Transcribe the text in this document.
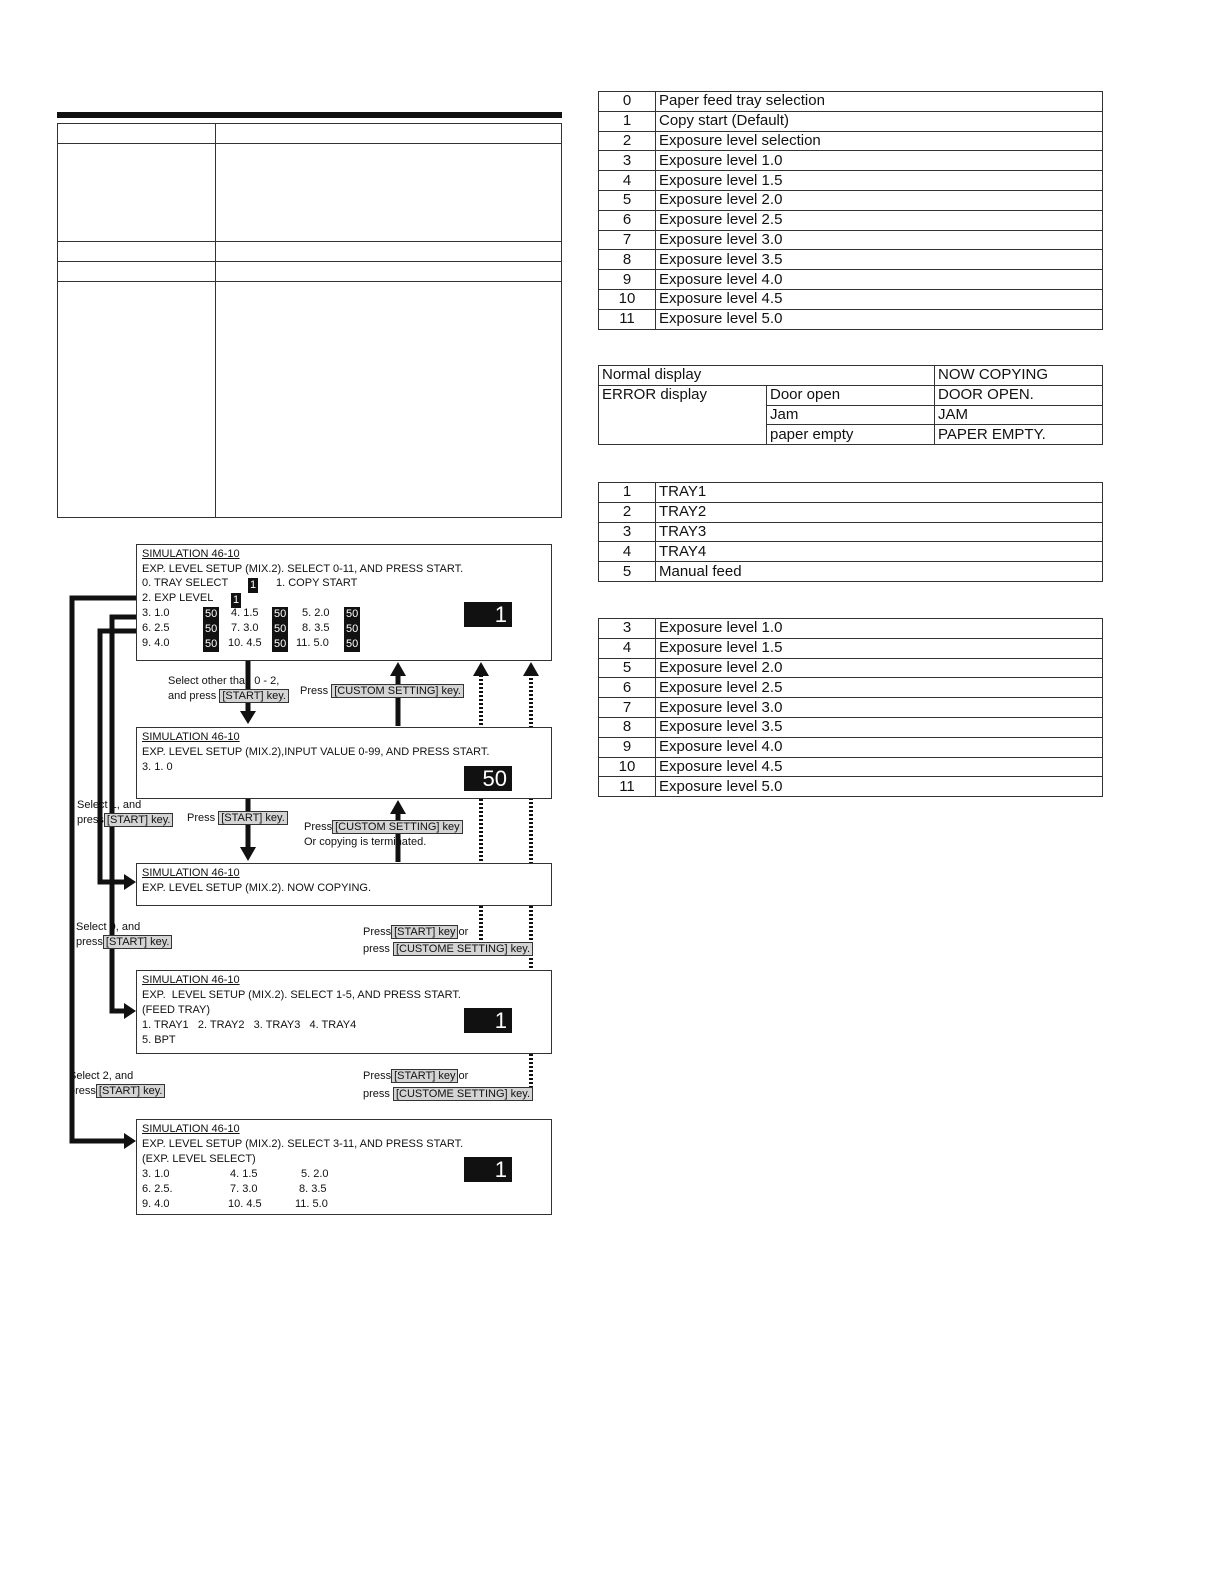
0	Paper feed tray selection
1	Copy start (Default)
2	Exposure level selection
3	Exposure level 1.0
4	Exposure level 1.5
5	Exposure level 2.0
6	Exposure level 2.5
7	Exposure level 3.0
8	Exposure level 3.5
9	Exposure level 4.0
10	Exposure level 4.5
11	Exposure level 5.0
Normal display		NOW COPYING
ERROR display	Door open	DOOR OPEN.
	Jam	JAM
	paper empty	PAPER EMPTY.
1	TRAY1
2	TRAY2
3	TRAY3
4	TRAY4
5	Manual feed
3	Exposure level 1.0
4	Exposure level 1.5
5	Exposure level 2.0
6	Exposure level 2.5
7	Exposure level 3.0
8	Exposure level 3.5
9	Exposure level 4.0
10	Exposure level 4.5
11	Exposure level 5.0
SIMULATION 46-10
EXP. LEVEL SETUP (MIX.2). SELECT 0-11, AND PRESS START.
0. TRAY SELECT 1 1. COPY START
2. EXP LEVEL 1
3. 1.0	50 4. 1.5 50 5. 2.0 50
6. 2.5	50 7. 3.0 50 8. 3.5 50
9. 4.0	50 10. 4.5 50 11. 5.0 50
1
SIMULATION 46-10
EXP. LEVEL SETUP (MIX.2),INPUT VALUE 0-99, AND PRESS START.
3. 1. 0	50
SIMULATION 46-10
EXP. LEVEL SETUP (MIX.2). NOW COPYING.
SIMULATION 46-10
EXP.  LEVEL SETUP (MIX.2). SELECT 1-5, AND PRESS START.
(FEED TRAY)
1. TRAY1   2. TRAY2   3. TRAY3   4. TRAY4
5. BPT
1
SIMULATION 46-10
EXP. LEVEL SETUP (MIX.2). SELECT 3-11, AND PRESS START.
(EXP. LEVEL SELECT)
3. 1.0	4. 1.5	5. 2.0
6. 2.5.	7. 3.0	8. 3.5
9. 4.0	10. 4.5	11. 5.0
1
Select other than 0 - 2,
and press [START] key. Press [CUSTOM SETTING] key.
Select 1, and
press [START] key. Press [START] key.
Press [CUSTOM SETTING] key
Or copying is terminated.
Select 0, and
press [START] key.
Press [START] key or
press [CUSTOME SETTING] key.
Select 2, and
press [START] key.
Press [START] key or
press [CUSTOME SETTING] key.
